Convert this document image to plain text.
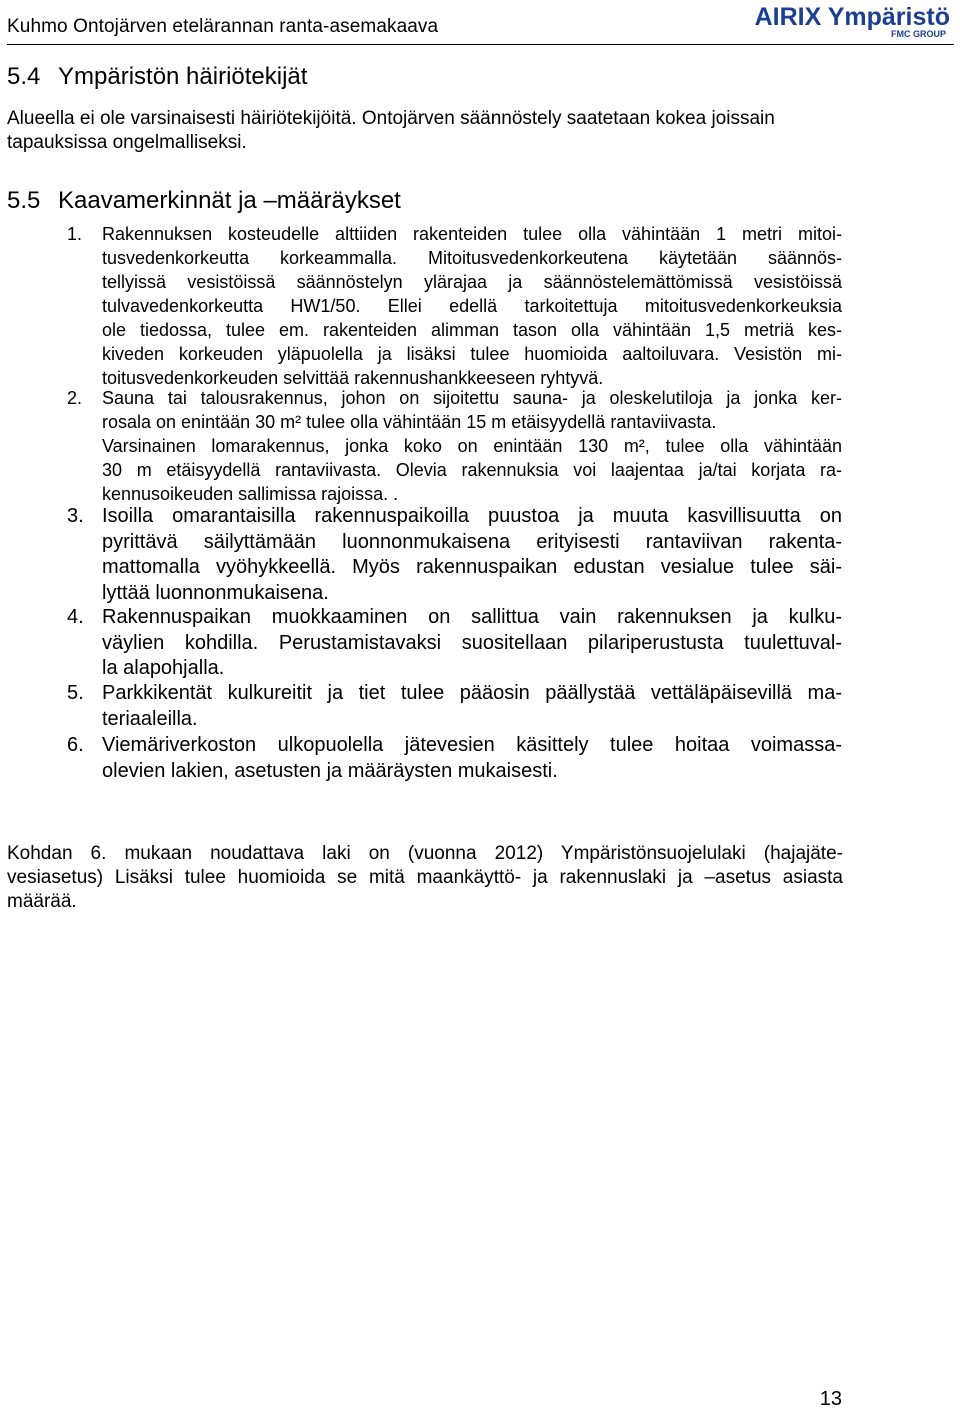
Kuhmo Ontojärven etelärannan ranta-asemakaava	AIRIX Ympäristö
FMC GROUP
5.4 Ympäristön häiriötekijät
Alueella ei ole varsinaisesti häiriötekijöitä. Ontojärven säännöstely saatetaan kokea joissain
tapauksissa ongelmalliseksi.
5.5 Kaavamerkinnät ja –määräykset
1. Rakennuksen kosteudelle alttiiden rakenteiden tulee olla vähintään 1 metri mitoi-
tusvedenkorkeutta korkeammalla. Mitoitusvedenkorkeutena käytetään säännös-
tellyissä vesistöissä säännöstelyn ylärajaa ja säännöstelemättömissä vesistöissä
tulvavedenkorkeutta HW1/50. Ellei edellä tarkoitettuja mitoitusvedenkorkeuksia
ole tiedossa, tulee em. rakenteiden alimman tason olla vähintään 1,5 metriä kes-
kiveden korkeuden yläpuolella ja lisäksi tulee huomioida aaltoiluvara. Vesistön mi-
toitusvedenkorkeuden selvittää rakennushankkeeseen ryhtyvä.
2. Sauna tai talousrakennus, johon on sijoitettu sauna- ja oleskelutiloja ja jonka ker-
rosala on enintään 30 m² tulee olla vähintään 15 m etäisyydellä rantaviivasta.
Varsinainen lomarakennus, jonka koko on enintään 130 m², tulee olla vähintään
30 m etäisyydellä rantaviivasta. Olevia rakennuksia voi laajentaa ja/tai korjata ra-
kennusoikeuden sallimissa rajoissa. .
3. Isoilla omarantaisilla rakennuspaikoilla puustoa ja muuta kasvillisuutta on
pyrittävä säilyttämään luonnonmukaisena erityisesti rantaviivan rakenta-
mattomalla vyöhykkeellä. Myös rakennuspaikan edustan vesialue tulee säi-
lyttää luonnonmukaisena.
4. Rakennuspaikan muokkaaminen on sallittua vain rakennuksen ja kulku-
väylien kohdilla. Perustamistavaksi suositellaan pilariperustusta tuulettuval-
la alapohjalla.
5. Parkkikentät kulkureitit ja tiet tulee pääosin päällystää vettäläpäisevillä ma-
teriaaleilla.
6. Viemäriverkoston ulkopuolella jätevesien käsittely tulee hoitaa voimassa-
olevien lakien, asetusten ja määräysten mukaisesti.
Kohdan 6. mukaan noudattava laki on (vuonna 2012) Ympäristönsuojelulaki (hajajäte-
vesiasetus) Lisäksi tulee huomioida se mitä maankäyttö- ja rakennuslaki ja –asetus asiasta
määrää.
13
